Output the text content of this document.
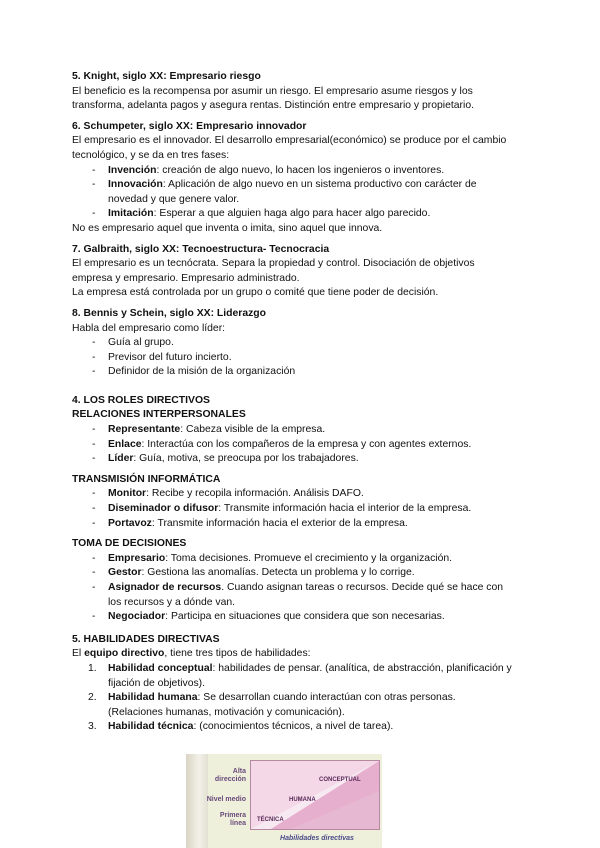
5. Knight, siglo XX: Empresario riesgo

El beneficio es la recompensa por asumir un riesgo. El empresario asume riesgos y los transforma, adelanta pagos y asegura rentas. Distinción entre empresario y propietario.

6. Schumpeter, siglo XX: Empresario innovador

El empresario es el innovador. El desarrollo empresarial(económico) se produce por el cambio tecnológico, y se da en tres fases:

- Invención: creación de algo nuevo, lo hacen los ingenieros o inventores.
- Innovación: Aplicación de algo nuevo en un sistema productivo con carácter de novedad y que genere valor.
- Imitación: Esperar a que alguien haga algo para hacer algo parecido.

No es empresario aquel que inventa o imita, sino aquel que innova.

7. Galbraith, siglo XX: Tecnoestructura- Tecnocracia

El empresario es un tecnócrata. Separa la propiedad y control. Disociación de objetivos empresa y empresario. Empresario administrado.

La empresa está controlada por un grupo o comité que tiene poder de decisión.

8. Bennis y Schein, siglo XX: Liderazgo

Habla del empresario como líder:

- Guía al grupo.
- Previsor del futuro incierto.
- Definidor de la misión de la organización
4. LOS ROLES DIRECTIVOS
RELACIONES INTERPERSONALES
- Representante: Cabeza visible de la empresa.
- Enlace: Interactúa con los compañeros de la empresa y con agentes externos.
- Líder: Guía, motiva, se preocupa por los trabajadores.
TRANSMISIÓN INFORMÁTICA
- Monitor: Recibe y recopila información. Análisis DAFO.
- Diseminador o difusor: Transmite información hacia el interior de la empresa.
- Portavoz: Transmite información hacia el exterior de la empresa.
TOMA DE DECISIONES
- Empresario: Toma decisiones. Promueve el crecimiento y la organización.
- Gestor: Gestiona las anomalías. Detecta un problema y lo corrige.
- Asignador de recursos. Cuando asignan tareas o recursos. Decide qué se hace con los recursos y a dónde van.
- Negociador: Participa en situaciones que considera que son necesarias.
5. HABILIDADES DIRECTIVAS

El equipo directivo, tiene tres tipos de habilidades:

1. Habilidad conceptual: habilidades de pensar. (analítica, de abstracción, planificación y fijación de objetivos).
2. Habilidad humana: Se desarrollan cuando interactúan con otras personas. (Relaciones humanas, motivación y comunicación).
3. Habilidad técnica: (conocimientos técnicos, a nivel de tarea).
Alta dirección
Nivel medio
Primera línea
CONCEPTUAL
HUMANA
TÉCNICA
Habilidades directivas
